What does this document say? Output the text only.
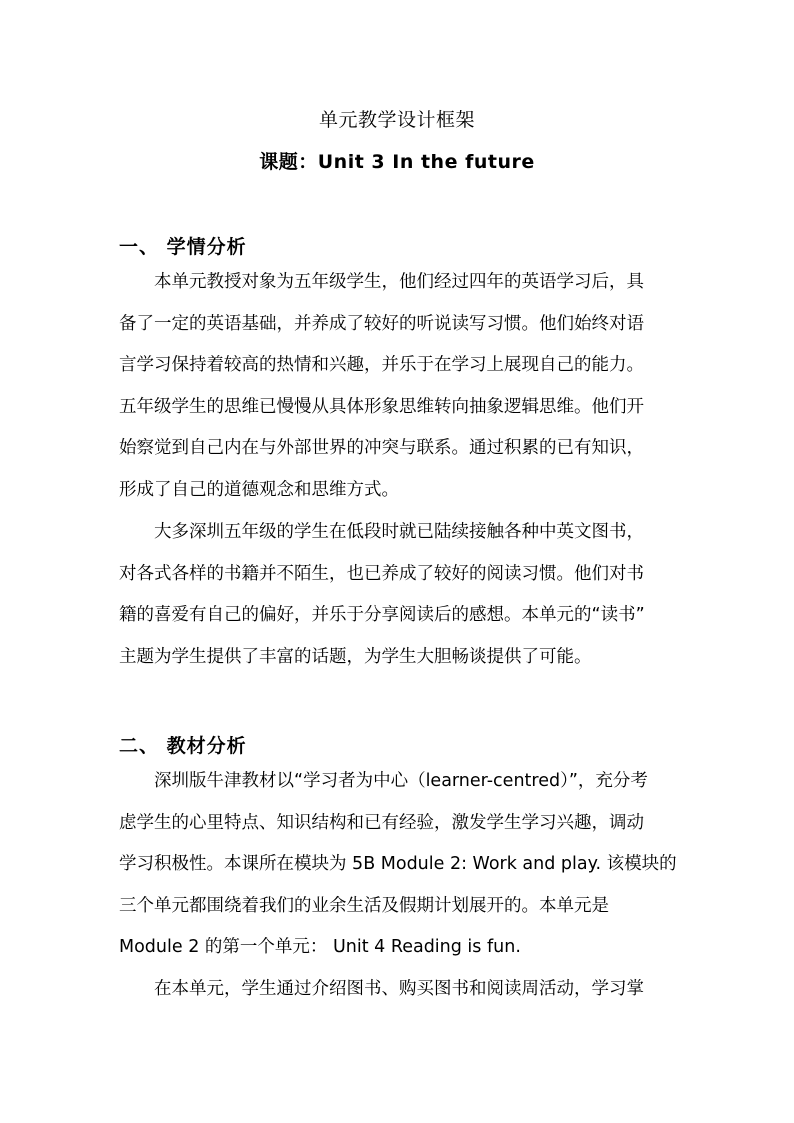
单元教学设计框架
课题：Unit 3 In the future
一、 学情分析
　　本单元教授对象为五年级学生，他们经过四年的英语学习后，具
备了一定的英语基础，并养成了较好的听说读写习惯。他们始终对语
言学习保持着较高的热情和兴趣，并乐于在学习上展现自己的能力。
五年级学生的思维已慢慢从具体形象思维转向抽象逻辑思维。他们开
始察觉到自己内在与外部世界的冲突与联系。通过积累的已有知识，
形成了自己的道德观念和思维方式。
　　大多深圳五年级的学生在低段时就已陆续接触各种中英文图书，
对各式各样的书籍并不陌生，也已养成了较好的阅读习惯。他们对书
籍的喜爱有自己的偏好，并乐于分享阅读后的感想。本单元的“读书”
主题为学生提供了丰富的话题，为学生大胆畅谈提供了可能。
二、 教材分析
　　深圳版牛津教材以“学习者为中心（learner-centred）”，充分考
虑学生的心里特点、知识结构和已有经验，激发学生学习兴趣，调动
学习积极性。本课所在模块为 5B Module 2: Work and play. 该模块的
三个单元都围绕着我们的业余生活及假期计划展开的。本单元是
Module 2 的第一个单元： Unit 4 Reading is fun.
　　在本单元，学生通过介绍图书、购买图书和阅读周活动，学习掌
